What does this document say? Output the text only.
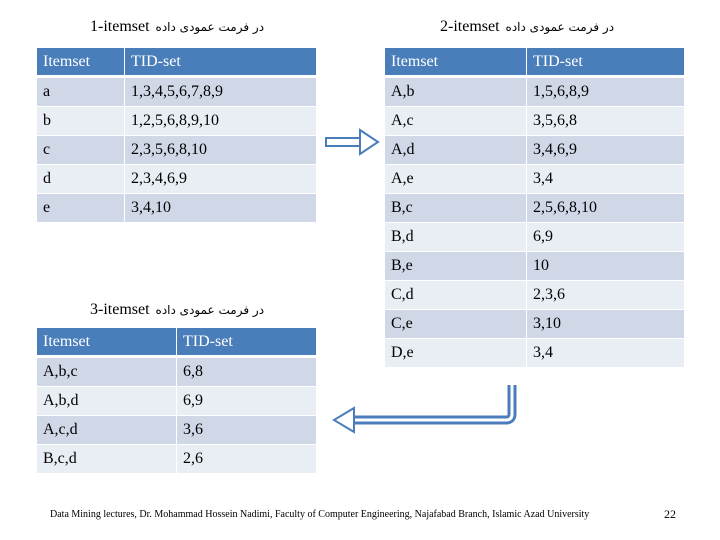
1-itemset در فرمت عمودی داده
Itemset	TID-set
a	1,3,4,5,6,7,8,9
b	1,2,5,6,8,9,10
c	2,3,5,6,8,10
d	2,3,4,6,9
e	3,4,10
2-itemset در فرمت عمودی داده
Itemset	TID-set
A,b	1,5,6,8,9
A,c	3,5,6,8
A,d	3,4,6,9
A,e	3,4
B,c	2,5,6,8,10
B,d	6,9
B,e	10
C,d	2,3,6
C,e	3,10
D,e	3,4
3-itemset در فرمت عمودی داده
Itemset	TID-set
A,b,c	6,8
A,b,d	6,9
A,c,d	3,6
B,c,d	2,6
Data Mining lectures, Dr. Mohammad Hossein Nadimi, Faculty of Computer Engineering, Najafabad Branch, Islamic Azad University	22
